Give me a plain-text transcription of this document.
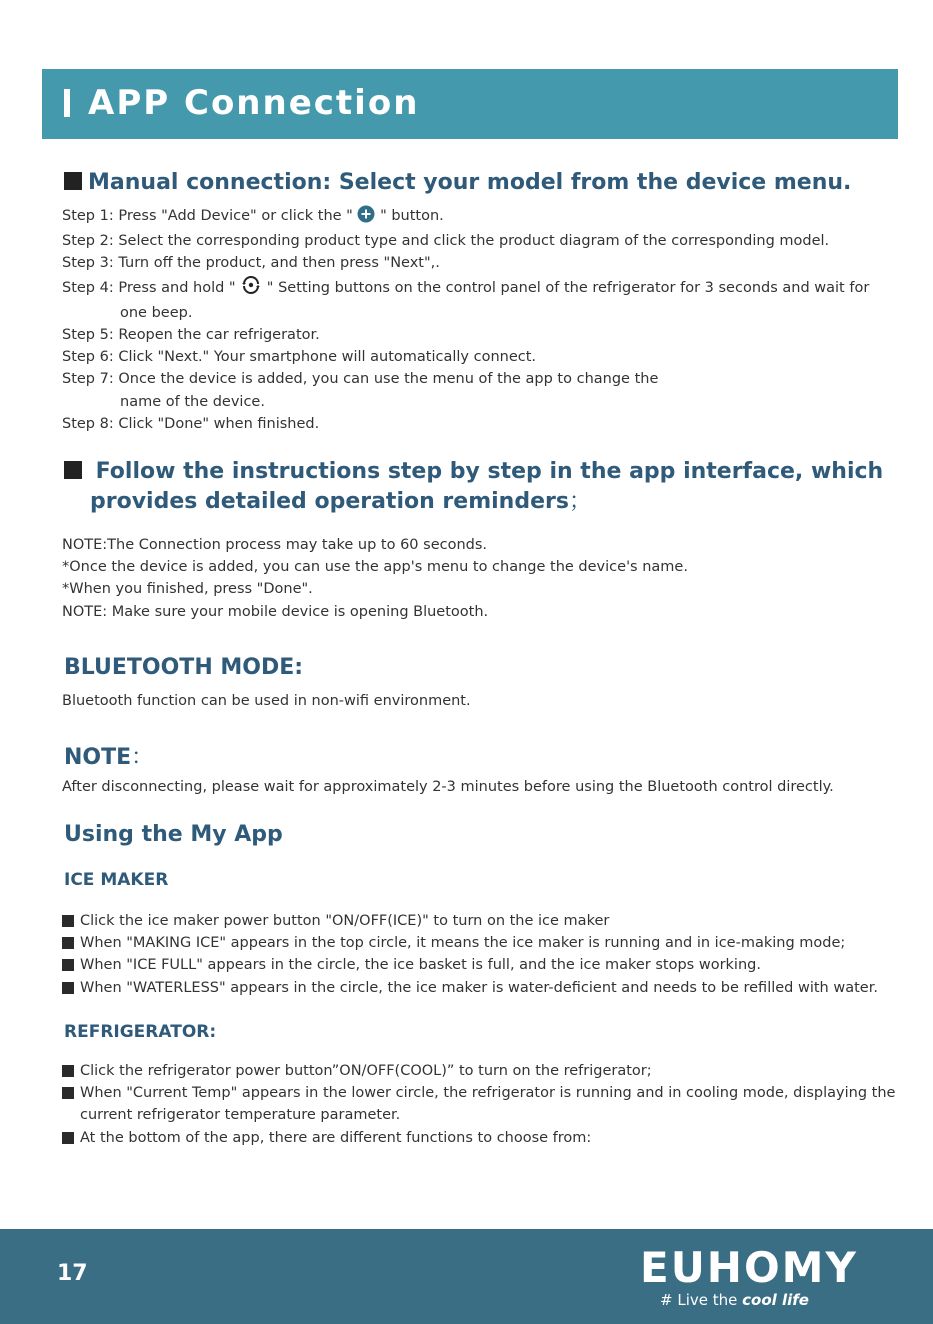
APP Connection
Manual connection: Select your model from the device menu.
Step 1: Press "Add Device" or click the " " button.
Step 2: Select the corresponding product type and click the product diagram of the corresponding model.
Step 3: Turn off the product, and then press "Next",.
Step 4: Press and hold " " Setting buttons on the control panel of the refrigerator for 3 seconds and wait for
one beep.
Step 5: Reopen the car refrigerator.
Step 6: Click "Next." Your smartphone will automatically connect.
Step 7: Once the device is added, you can use the menu of the app to change the
name of the device.
Step 8: Click "Done" when finished.
Follow the instructions step by step in the app interface, which
provides detailed operation reminders；
NOTE:The Connection process may take up to 60 seconds.
*Once the device is added, you can use the app's menu to change the device's name.
*When you finished, press "Done".
NOTE: Make sure your mobile device is opening Bluetooth.
BLUETOOTH MODE:
Bluetooth function can be used in non-wifi environment.
NOTE：
After disconnecting, please wait for approximately 2-3 minutes before using the Bluetooth control directly.
Using the My App
ICE MAKER
Click the ice maker power button "ON/OFF(ICE)" to turn on the ice maker
When "MAKING ICE" appears in the top circle, it means the ice maker is running and in ice-making mode;
When "ICE FULL" appears in the circle, the ice basket is full, and the ice maker stops working.
When "WATERLESS" appears in the circle, the ice maker is water-deficient and needs to be refilled with water.
REFRIGERATOR:
Click the refrigerator power button”ON/OFF(COOL)” to turn on the refrigerator;
When "Current Temp" appears in the lower circle, the refrigerator is running and in cooling mode, displaying the
current refrigerator temperature parameter.
At the bottom of the app, there are different functions to choose from:
17	EUHOMY
# Live the cool life
